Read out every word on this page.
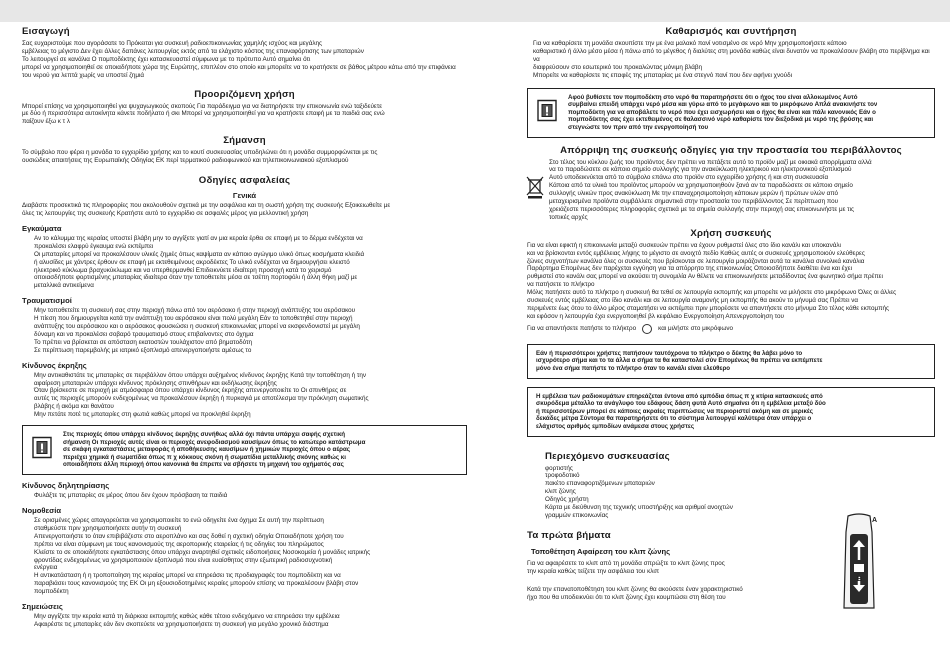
Εισαγωγή

Σας ευχαριστούμε που αγοράσατε το Πρόκειται για συσκευή ραδιοεπικοινωνίας χαμηλής ισχύος και μεγάλης

εμβέλειας το μέγιστο Δεν έχει άλλες δαπάνες λειτουργίας εκτός από τα ελάχιστο κόστος της επαναφόρτισης των μπαταριών

Το λειτουργεί σε κανάλια Ο πομποδέκτης έχει κατασκευαστεί σύμφωνα με το πρότυπο Αυτό σημαίνει ότι

μπορεί να χρησιμοποιηθεί σε οποιαδήποτε χώρα της Ευρώπης, επιπλέον στο οποίο και μπορείτε να το κρατήσετε σε βάθος μέτρου κάτω από την επιφάνεια

του νερού για λεπτά χωρίς να υποστεί ζημιά

Προοριζόμενη χρήση

Μπορεί επίσης να χρησιμοποιηθεί για ψυχαγωγικούς σκοπούς Για παράδειγμα για να διατηρήσετε την επικοινωνία ενώ ταξιδεύετε

με δύο ή περισσότερα αυτοκίνητα κάνετε ποδήλατο ή σκι Μπορεί να χρησιμοποιηθεί για να κρατήσετε επαφή με τα παιδιά σας ενώ

παίζουν έξω κ τ λ

Σήμανση

Το σύμβολο που φέρει η μονάδα το εγχειρίδιο χρήσης και το κουτί συσκευασίας υποδηλώνει ότι η μονάδα συμμορφώνεται με τις

ουσιώδεις απαιτήσεις της Ευρωπαϊκής Οδηγίας ΕΚ περί τερματικού ραδιοφωνικού και τηλεπικοινωνιακού εξοπλισμού

Οδηγίες ασφαλείας
Γενικά

Διαβάστε προσεκτικά τις πληροφορίες που ακολουθούν σχετικά με την ασφάλεια και τη σωστή χρήση της συσκευής Εξοικειωθείτε με

όλες τις λειτουργίες της συσκευής Κρατήστε αυτό το εγχειρίδιο σε ασφαλές μέρος για μελλοντική χρήση

Εγκαύματα

Αν το κάλυμμα της κεραίας υποστεί βλάβη μην το αγγίξετε γιατί αν μια κεραία έρθει σε επαφή με το δέρμα ενδέχεται να

προκαλέσει ελαφρύ έγκαυμα ενώ εκπέμπει

Οι μπαταρίες μπορεί να προκαλέσουν υλικές ζημιές όπως καψίματα αν κάποιο αγώγιμο υλικό όπως κοσμήματα κλειδιά

ή αλυσίδες με χάντρες έρθουν σε επαφή με εκτεθειμένους ακροδέκτες Το υλικό ενδέχεται να δημιουργήσει κλειστό

ηλεκτρικό κύκλωμα βραχυκύκλωμα και να υπερθερμανθεί Επιδεικνύετε ιδιαίτερη προσοχή κατά το χειρισμό

οποιασδήποτε φορτισμένης μπαταρίας ιδιαίτερα όταν την τοποθετείτε μέσα σε τσέπη πορτοφόλι ή άλλη θήκη μαζί με

μεταλλικά αντικείμενα

Τραυματισμοί

Μην τοποθετείτε τη συσκευή σας στην περιοχή πάνω από τον αερόσακο ή στην περιοχή ανάπτυξης του αερόσακου

Η πίεση που δημιουργείται κατά την ανάπτυξη του αερόσακου είναι πολύ μεγάλη Εάν το τοποθετηθεί στην περιοχή

ανάπτυξης του αερόσακου και ο αερόσακος φουσκώσει η συσκευή επικοινωνίας μπορεί να εκσφενδονιστεί με μεγάλη

δύναμη και να προκαλέσει σοβαρό τραυματισμό στους επιβαίνοντες στο όχημα

Το πρέπει να βρίσκεται σε απόσταση εκατοστών τουλάχιστον από βηματοδότη

Σε περίπτωση παρεμβολής με ιατρικό εξοπλισμό απενεργοποιήστε αμέσως το

Κίνδυνος έκρηξης

Μην αντικαθιστάτε τις μπαταρίες σε περιβάλλον όπου υπάρχει αυξημένος κίνδυνος έκρηξης Κατά την τοποθέτηση ή την

αφαίρεση μπαταριών υπάρχει κίνδυνος πρόκλησης σπινθήρων και εκδήλωσης έκρηξης

Όταν βρίσκεστε σε περιοχή με ατμόσφαιρα όπου υπάρχει κίνδυνος έκρηξης απενεργοποιείτε το Οι σπινθήρες σε

αυτές τις περιοχές μπορούν ενδεχομένως να προκαλέσουν έκρηξη ή πυρκαγιά με αποτέλεσμα την πρόκληση σωματικής

βλάβης ή ακόμα και θανάτου

Μην πετάτε ποτέ τις μπαταρίες στη φωτιά καθώς μπορεί να προκληθεί έκρηξη

Στις περιοχές όπου υπάρχει κίνδυνος έκρηξης συνήθως αλλά όχι πάντα υπάρχει σαφής σχετική

σήμανση Οι περιοχές αυτές είναι οι περιοχές ανεφοδιασμού καυσίμων όπως το κατώτερο κατάστρωμα

σε σκάφη εγκαταστάσεις μεταφοράς ή αποθήκευσης καυσίμων ή χημικών περιοχές όπου ο αέρας

περιέχει χημικά ή σωματίδια όπως π χ κόκκους σκόνη ή σωματίδια μεταλλικής σκόνης καθώς κι

οποιαδήποτε άλλη περιοχή όπου κανονικά θα έπρεπε να σβήσετε τη μηχανή του οχήματός σας

Κίνδυνος δηλητηρίασης

Φυλάξτε τις μπαταρίες σε μέρος όπου δεν έχουν πρόσβαση τα παιδιά

Νομοθεσία

Σε ορισμένες χώρες απαγορεύεται να χρησιμοποιείτε το ενώ οδηγείτε ένα όχημα Σε αυτή την περίπτωση

σταθμεύστε πριν χρησιμοποιήσετε αυτήν τη συσκευή

Απενεργοποιήστε το όταν επιβιβάζεστε στο αεροπλάνο και σας δοθεί η σχετική οδηγία Οποιαδήποτε χρήση του

πρέπει να είναι σύμφωνη με τους κανονισμούς της αεροπορικής εταιρείας ή τις οδηγίες του πληρώματος

Κλείστε το σε οποιαδήποτε εγκατάστασης όπου υπάρχει αναρτηθεί σχετικές ειδοποιήσεις Νοσοκομεία ή μονάδες ιατρικής

φροντίδας ενδεχομένως να χρησιμοποιούν εξοπλισμό που είναι ευαίσθητος στην εξωτερική ραδιοσυχνοτική

ενέργεια

Η αντικατάσταση ή η τροποποίηση της κεραίας μπορεί να επηρεάσει τις προδιαγραφές του πομποδέκτη και να

παραβιάσει τους κανονισμούς της ΕΚ Οι μη εξουσιοδοτημένες κεραίες μπορούν επίσης να προκαλέσουν βλάβη στον

πομποδέκτη

Σημειώσεις

Μην αγγίζετε την κεραία κατά τη διάρκεια εκπομπής καθώς κάθε τέτοιο ενδεχόμενο να επηρεάσει την εμβέλεια

Αφαιρέστε τις μπαταρίες εάν δεν σκοπεύετε να χρησιμοποιήσετε τη συσκευή για μεγάλο χρονικό διάστημα

Καθαρισμός και συντήρηση

Για να καθαρίσετε τη μονάδα σκουπίστε την με ένα μαλακό πανί νοτισμένο σε νερό Μην χρησιμοποιήσετε κάποιο

καθαριστικό ή άλλο μέσο μέσα ή πάνω από το μέγεθος ή διαλύτες στη μονάδα καθώς είναι δυνατόν να προκαλέσουν βλάβη στο περίβλημα και να

διαφρεύσουν στο εσωτερικό του προκαλώντας μόνιμη βλάβη

Μπορείτε να καθαρίσετε τις επαφές της μπαταρίας με ένα στεγνό πανί που δεν αφήνει χνούδι

Αφού βυθίσετε τον πομποδέκτη στο νερό θα παρατηρήσετε ότι ο ήχος του είναι αλλοιωμένος Αυτό

συμβαίνει επειδή υπάρχει νερό μέσα και γύρω από το μεγάφωνο και το μικρόφωνο Απλά ανακινήστε τον

πομποδέκτη για να αποβάλετε το νερό που έχει εισχωρήσει και ο ήχος θα είναι και πάλι κανονικός Εάν ο

πομποδέκτης σας έχει εκτεθειμένος σε θαλασσινό νερό καθαρίστε τον διεξοδικά με νερό της βρύσης και

στεγνώστε τον πριν από την ενεργοποίησή του

Απόρριψη της συσκευής οδηγίες για την προστασία του περιβάλλοντος

Στο τέλος του κύκλου ζωής του προϊόντος δεν πρέπει να πετάξετε αυτό το προϊόν μαζί με οικιακά απορρίμματα αλλά

να το παραδώσετε σε κάποιο σημείο συλλογής για την ανακύκλωση ηλεκτρικού και ηλεκτρονικού εξοπλισμού

Αυτό υποδεικνύεται από το σύμβολο επάνω στο προϊόν στο εγχειρίδιο χρήσης ή και στη συσκευασία

Κάποια από τα υλικά του προϊόντος μπορούν να χρησιμοποιηθούν ξανά αν τα παραδώσετε σε κάποιο σημείο

συλλογής υλικών προς ανακύκλωση Με την επαναχρησιμοποίηση κάποιων μερών ή πρώτων υλών από

μεταχειρισμένα προϊόντα συμβάλλετε σημαντικά στην προστασία του περιβάλλοντος Σε περίπτωση που

χρειάζεστε περισσότερες πληροφορίες σχετικά με τα σημεία συλλογής στην περιοχή σας επικοινωνήστε με τις

τοπικές αρχές

Χρήση συσκευής

Για να είναι εφικτή η επικοινωνία μεταξύ συσκευών πρέπει να έχουν ρυθμιστεί όλες στο ίδιο κανάλι και υποκανάλι

και να βρίσκονται εντός εμβέλειας λήψης το μέγιστο σε ανοιχτό πεδίο Καθώς αυτές οι συσκευές χρησιμοποιούν ελεύθερες

ζώνες συχνοτήτων κανάλια όλες οι συσκευές που βρίσκονται σε λειτουργία μοιράζονται αυτά τα κανάλια συνολικά κανάλια

Παράρτημα Επομένως δεν παρέχεται εγγύηση για τα απόρρητο της επικοινωνίας Οποιοσδήποτε διαθέτει ένα και έχει

ρυθμιστεί στο κανάλι σας μπορεί να ακούσει τη συνομιλία Αν θέλετε να επικοινωνήσετε μεταδίδοντας ένα φωνητικό σήμα πρέπει

να πατήσετε το πλήκτρο

Μόλις πατήσετε αυτό το πλήκτρο η συσκευή θα τεθεί σε λειτουργία εκπομπής και μπορείτε να μιλήσετε στο μικρόφωνο Όλες οι άλλες

συσκευές εντός εμβέλειας στο ίδιο κανάλι και σε λειτουργία αναμονής μη εκπομπής θα ακούν το μήνυμά σας Πρέπει να

περιμένετε έως ότου το άλλο μέρος σταματήσει να εκπέμπει πριν μπορέσετε να απαντήσετε στο μήνυμα Στο τέλος κάθε εκπομπής

και εφόσον η λειτουργία έχει ενεργοποιηθεί βλ κεφάλαιο Ενεργοποίηση Απενεργοποίηση του

Για να απαντήσετε πατήστε το πλήκτρο	και μιλήστε στο μικρόφωνο

Εάν ή περισσότεροι χρήστες πατήσουν ταυτόχρονα το πλήκτρο ο δέκτης θα λάβει μόνο το

ισχυρότερο σήμα και το τα άλλα α σήμα τα θα καταστολεί σύν Επομένως θα πρέπει να εκπέμπετε

μόνο ένα σήμα πατήστε το πλήκτρο όταν το κανάλι είναι ελεύθερο

Η εμβέλεια των ραδιοκυμάτων επηρεάζεται έντονα από εμπόδια όπως π χ κτίρια κατασκευές από

σκυρόδεμα μέταλλο τα ανάγλυφο του εδάφους δάση φυτά Αυτό σημαίνει ότι η εμβέλεια μεταξύ δύο

ή περισσοτέρων μπορεί σε κάποιες ακραίες περιπτώσεις να περιοριστεί ακόμη και σε μερικές

δεκάδες μέτρα Σύντομα θα παρατηρήσετε ότι το σύστημα λειτουργεί καλύτερα όταν υπάρχει ο

ελάχιστος αριθμός εμποδίων ανάμεσα στους χρήστες

Περιεχόμενο συσκευασίας

φορτιστής

τροφοδοτικό

πακέτο επαναφορτιζόμενων μπαταριών

κλιπ ζώνης

Οδηγός χρήστη

Κάρτα με διεύθυνση της τεχνικής υποστήριξης και αριθμοί ανοιχτών

γραμμών επικοινωνίας

Τα πρώτα βήματα
Τοποθέτηση Αφαίρεση του κλιπ ζώνης

Για να αφαιρέσετε το κλιπ από τη μονάδα σπρώξτε το κλιπ ζώνης προς

την κεραία καθώς τείζετε την ασφάλεια του κλιπ

Κατά την επανατοποθέτηση του κλιπ ζώνης θα ακούσετε έναν χαρακτηριστικό

ήχο που θα υποδεικνύει ότι το κλιπ ζώνης έχει κουμπώσει στη θέση του

A
B
